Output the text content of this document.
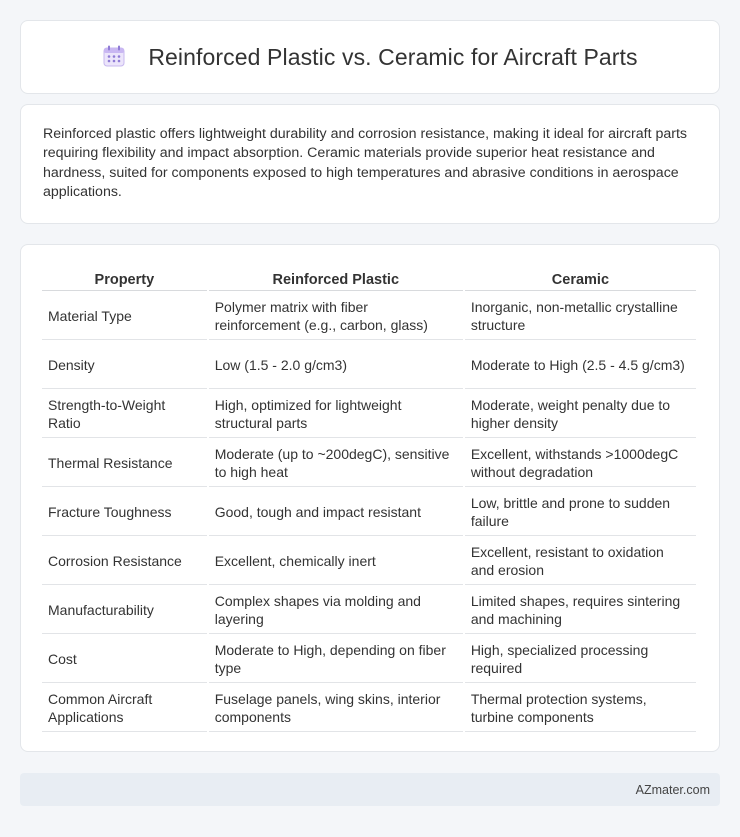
Reinforced Plastic vs. Ceramic for Aircraft Parts

Reinforced plastic offers lightweight durability and corrosion resistance, making it ideal for aircraft parts requiring flexibility and impact absorption. Ceramic materials provide superior heat resistance and hardness, suited for components exposed to high temperatures and abrasive conditions in aerospace applications.

Property	Reinforced Plastic	Ceramic
Material Type	Polymer matrix with fiber reinforcement (e.g., carbon, glass)	Inorganic, non-metallic crystalline structure
Density	Low (1.5 - 2.0 g/cm3)	Moderate to High (2.5 - 4.5 g/cm3)
Strength-to-Weight Ratio	High, optimized for lightweight structural parts	Moderate, weight penalty due to higher density
Thermal Resistance	Moderate (up to ~200degC), sensitive to high heat	Excellent, withstands >1000degC without degradation
Fracture Toughness	Good, tough and impact resistant	Low, brittle and prone to sudden failure
Corrosion Resistance	Excellent, chemically inert	Excellent, resistant to oxidation and erosion
Manufacturability	Complex shapes via molding and layering	Limited shapes, requires sintering and machining
Cost	Moderate to High, depending on fiber type	High, specialized processing required
Common Aircraft Applications	Fuselage panels, wing skins, interior components	Thermal protection systems, turbine components
AZmater.com
